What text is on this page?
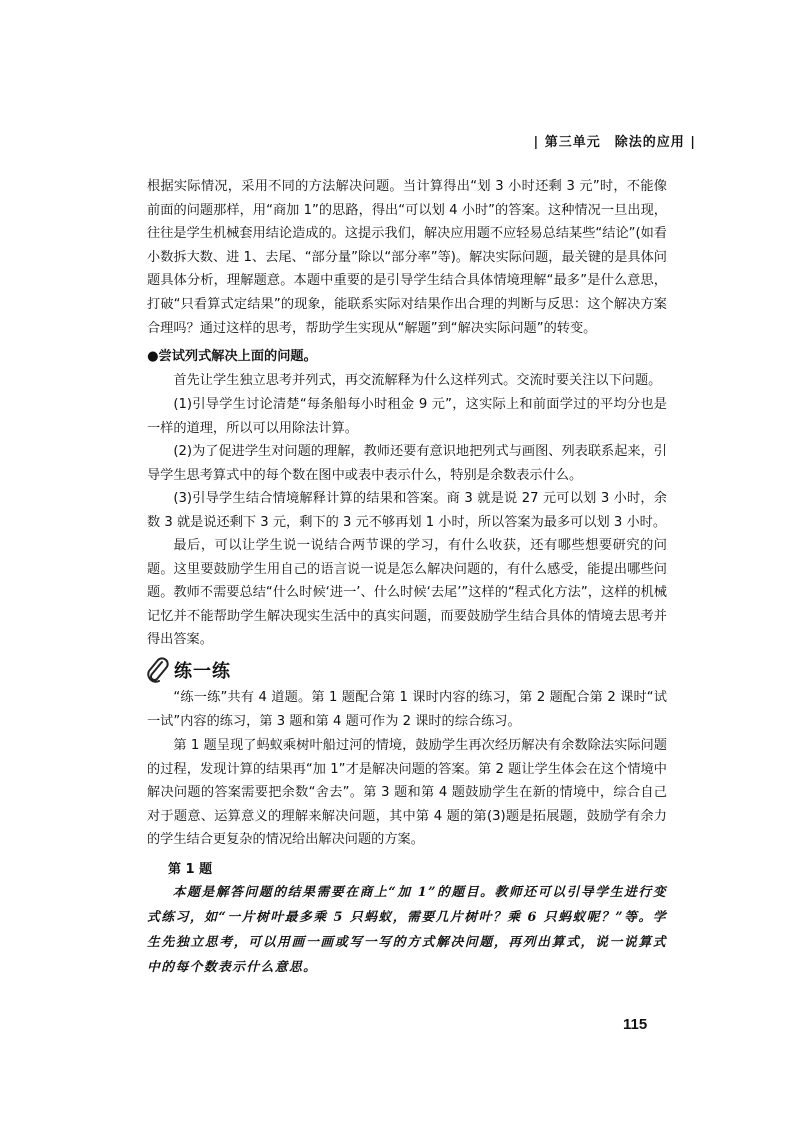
| 第三单元　除法的应用 |

根据实际情况，采用不同的方法解决问题。当计算得出“划 3 小时还剩 3 元”时，不能像前面的问题那样，用“商加 1”的思路，得出“可以划 4 小时”的答案。这种情况一旦出现，往往是学生机械套用结论造成的。这提示我们，解决应用题不应轻易总结某些“结论”(如看小数拆大数、进 1、去尾、“部分量”除以“部分率”等)。解决实际问题，最关键的是具体问题具体分析，理解题意。本题中重要的是引导学生结合具体情境理解“最多”是什么意思，打破“只看算式定结果”的现象，能联系实际对结果作出合理的判断与反思：这个解决方案合理吗？通过这样的思考，帮助学生实现从“解题”到“解决实际问题”的转变。

●尝试列式解决上面的问题。

首先让学生独立思考并列式，再交流解释为什么这样列式。交流时要关注以下问题。

(1)引导学生讨论清楚“每条船每小时租金 9 元”，这实际上和前面学过的平均分也是一样的道理，所以可以用除法计算。

(2)为了促进学生对问题的理解，教师还要有意识地把列式与画图、列表联系起来，引导学生思考算式中的每个数在图中或表中表示什么，特别是余数表示什么。

(3)引导学生结合情境解释计算的结果和答案。商 3 就是说 27 元可以划 3 小时，余数 3 就是说还剩下 3 元，剩下的 3 元不够再划 1 小时，所以答案为最多可以划 3 小时。

最后，可以让学生说一说结合两节课的学习，有什么收获，还有哪些想要研究的问题。这里要鼓励学生用自己的语言说一说是怎么解决问题的，有什么感受，能提出哪些问题。教师不需要总结“什么时候‘进一’、什么时候‘去尾’”这样的“程式化方法”，这样的机械记忆并不能帮助学生解决现实生活中的真实问题，而要鼓励学生结合具体的情境去思考并得出答案。

练一练

“练一练”共有 4 道题。第 1 题配合第 1 课时内容的练习，第 2 题配合第 2 课时“试一试”内容的练习，第 3 题和第 4 题可作为 2 课时的综合练习。

第 1 题呈现了蚂蚁乘树叶船过河的情境，鼓励学生再次经历解决有余数除法实际问题的过程，发现计算的结果再“加 1”才是解决问题的答案。第 2 题让学生体会在这个情境中解决问题的答案需要把余数“舍去”。第 3 题和第 4 题鼓励学生在新的情境中，综合自己对于题意、运算意义的理解来解决问题，其中第 4 题的第(3)题是拓展题，鼓励学有余力的学生结合更复杂的情况给出解决问题的方案。

第 1 题

本题是解答问题的结果需要在商上“加 1”的题目。教师还可以引导学生进行变式练习，如“一片树叶最多乘 5 只蚂蚁，需要几片树叶？乘 6 只蚂蚁呢？”等。学生先独立思考，可以用画一画或写一写的方式解决问题，再列出算式，说一说算式中的每个数表示什么意思。

115
